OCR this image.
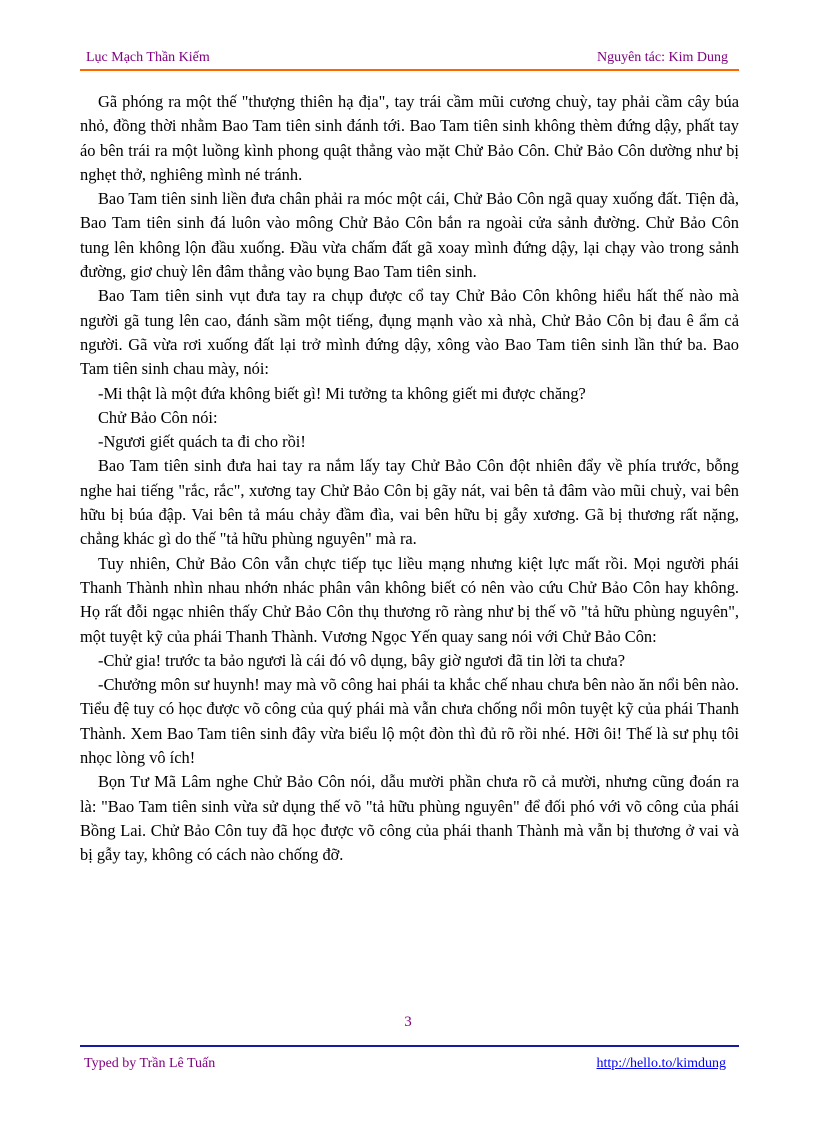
Lục Mạch Thần Kiếm	Nguyên tác: Kim Dung

Gã phóng ra một thế "thượng thiên hạ địa", tay trái cầm mũi cương chuỳ, tay phải cầm cây búa nhỏ, đồng thời nhằm Bao Tam tiên sinh đánh tới. Bao Tam tiên sinh không thèm đứng dậy, phất tay áo bên trái ra một luồng kình phong quật thẳng vào mặt Chử Bảo Côn. Chử Bảo Côn dường như bị nghẹt thở, nghiêng mình né tránh.

Bao Tam tiên sinh liền đưa chân phải ra móc một cái, Chử Bảo Côn ngã quay xuống đất. Tiện đà, Bao Tam tiên sinh đá luôn vào mông Chử Bảo Côn bắn ra ngoài cửa sảnh đường. Chử Bảo Côn tung lên không lộn đầu xuống. Đầu vừa chấm đất gã xoay mình đứng dậy, lại chạy vào trong sảnh đường, giơ chuỳ lên đâm thẳng vào bụng Bao Tam tiên sinh.

Bao Tam tiên sinh vụt đưa tay ra chụp được cổ tay Chử Bảo Côn không hiểu hất thế nào mà người gã tung lên cao, đánh sầm một tiếng, đụng mạnh vào xà nhà, Chử Bảo Côn bị đau ê ẩm cả người. Gã vừa rơi xuống đất lại trở mình đứng dậy, xông vào Bao Tam tiên sinh lần thứ ba. Bao Tam tiên sinh chau mày, nói:

-Mi thật là một đứa không biết gì! Mi tưởng ta không giết mi được chăng?

Chử Bảo Côn nói:

-Ngươi giết quách ta đi cho rồi!

Bao Tam tiên sinh đưa hai tay ra nắm lấy tay Chử Bảo Côn đột nhiên đẩy về phía trước, bỗng nghe hai tiếng "rắc, rắc", xương tay Chử Bảo Côn bị gãy nát, vai bên tả đâm vào mũi chuỳ, vai bên hữu bị búa đập. Vai bên tả máu chảy đầm đìa, vai bên hữu bị gẫy xương. Gã bị thương rất nặng, chẳng khác gì do thế "tả hữu phùng nguyên" mà ra.

Tuy nhiên, Chử Bảo Côn vẫn chực tiếp tục liều mạng nhưng kiệt lực mất rồi. Mọi người phái Thanh Thành nhìn nhau nhớn nhác phân vân không biết có nên vào cứu Chử Bảo Côn hay không. Họ rất đỗi ngạc nhiên thấy Chử Bảo Côn thụ thương rõ ràng như bị thế võ "tả hữu phùng nguyên", một tuyệt kỹ của phái Thanh Thành. Vương Ngọc Yến quay sang nói với Chử Bảo Côn:

-Chử gia! trước ta bảo ngươi là cái đó vô dụng, bây giờ ngươi đã tin lời ta chưa?

-Chưởng môn sư huynh! may mà võ công hai phái ta khắc chế nhau chưa bên nào ăn nổi bên nào. Tiểu đệ tuy có học được võ công của quý phái mà vẫn chưa chống nổi môn tuyệt kỹ của phái Thanh Thành. Xem Bao Tam tiên sinh đây vừa biểu lộ một đòn thì đủ rõ rồi nhé. Hỡi ôi! Thế là sư phụ tôi nhọc lòng vô ích!

Bọn Tư Mã Lâm nghe Chử Bảo Côn nói, dẫu mười phần chưa rõ cả mười, nhưng cũng đoán ra là: "Bao Tam tiên sinh vừa sử dụng thế võ "tả hữu phùng nguyên" để đối phó với võ công của phái Bồng Lai. Chử Bảo Côn tuy đã học được võ công của phái thanh Thành mà vẫn bị thương ở vai và bị gẫy tay, không có cách nào chống đỡ.

3
Typed by Trần Lê Tuấn	http://hello.to/kimdung
